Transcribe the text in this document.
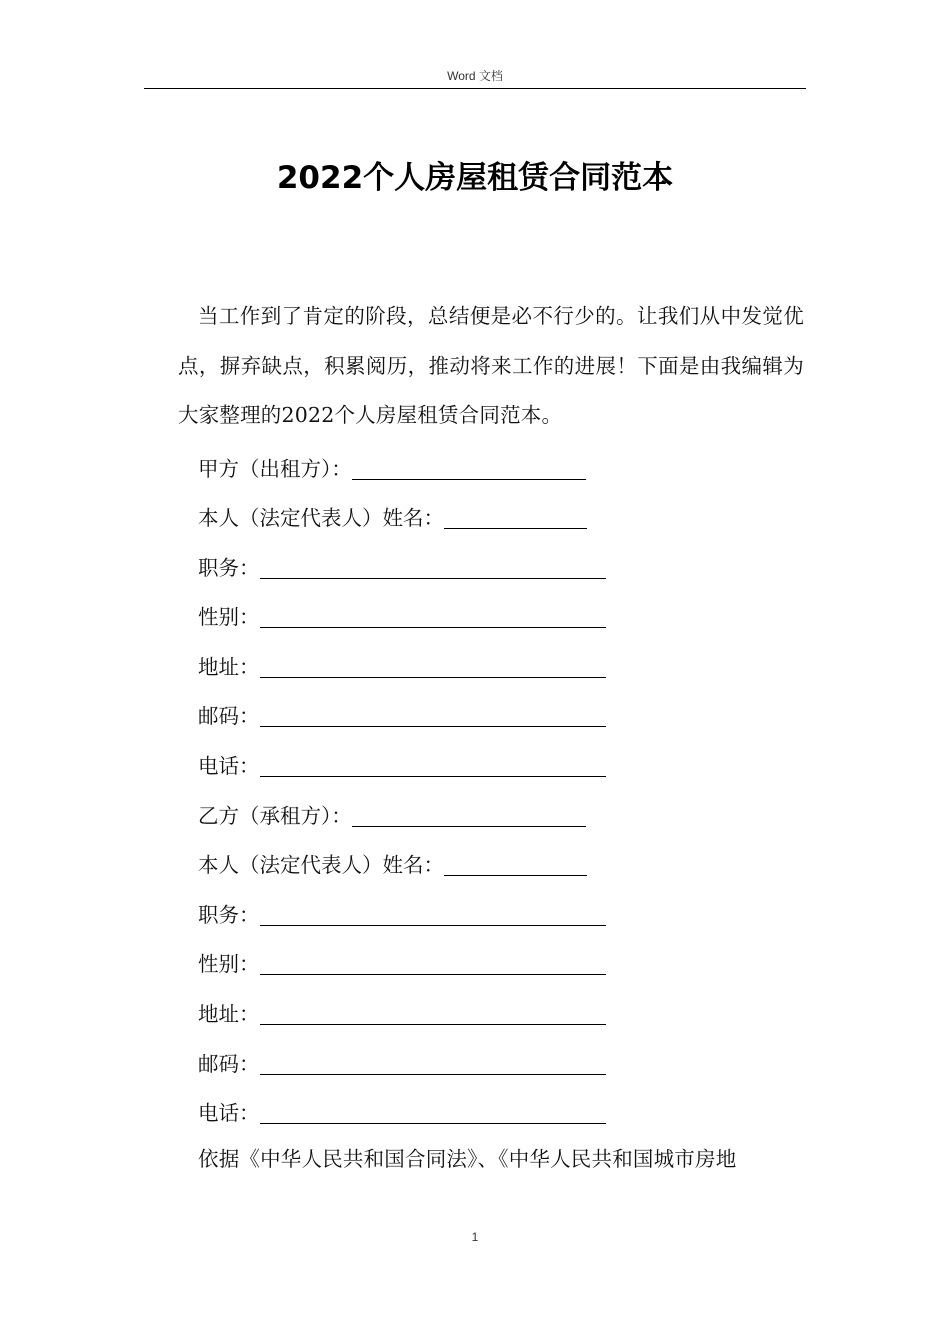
Word 文档
2022个人房屋租赁合同范本

当工作到了肯定的阶段，总结便是必不行少的。让我们从中发觉优点，摒弃缺点，积累阅历，推动将来工作的进展！下面是由我编辑为大家整理的2022个人房屋租赁合同范本。

甲方（出租方）：
本人（法定代表人）姓名：
职务：
性别：
地址：
邮码：
电话：
乙方（承租方）：
本人（法定代表人）姓名：
职务：
性别：
地址：
邮码：
电话：

依据《中华人民共和国合同法》、《中华人民共和国城市房地

1
